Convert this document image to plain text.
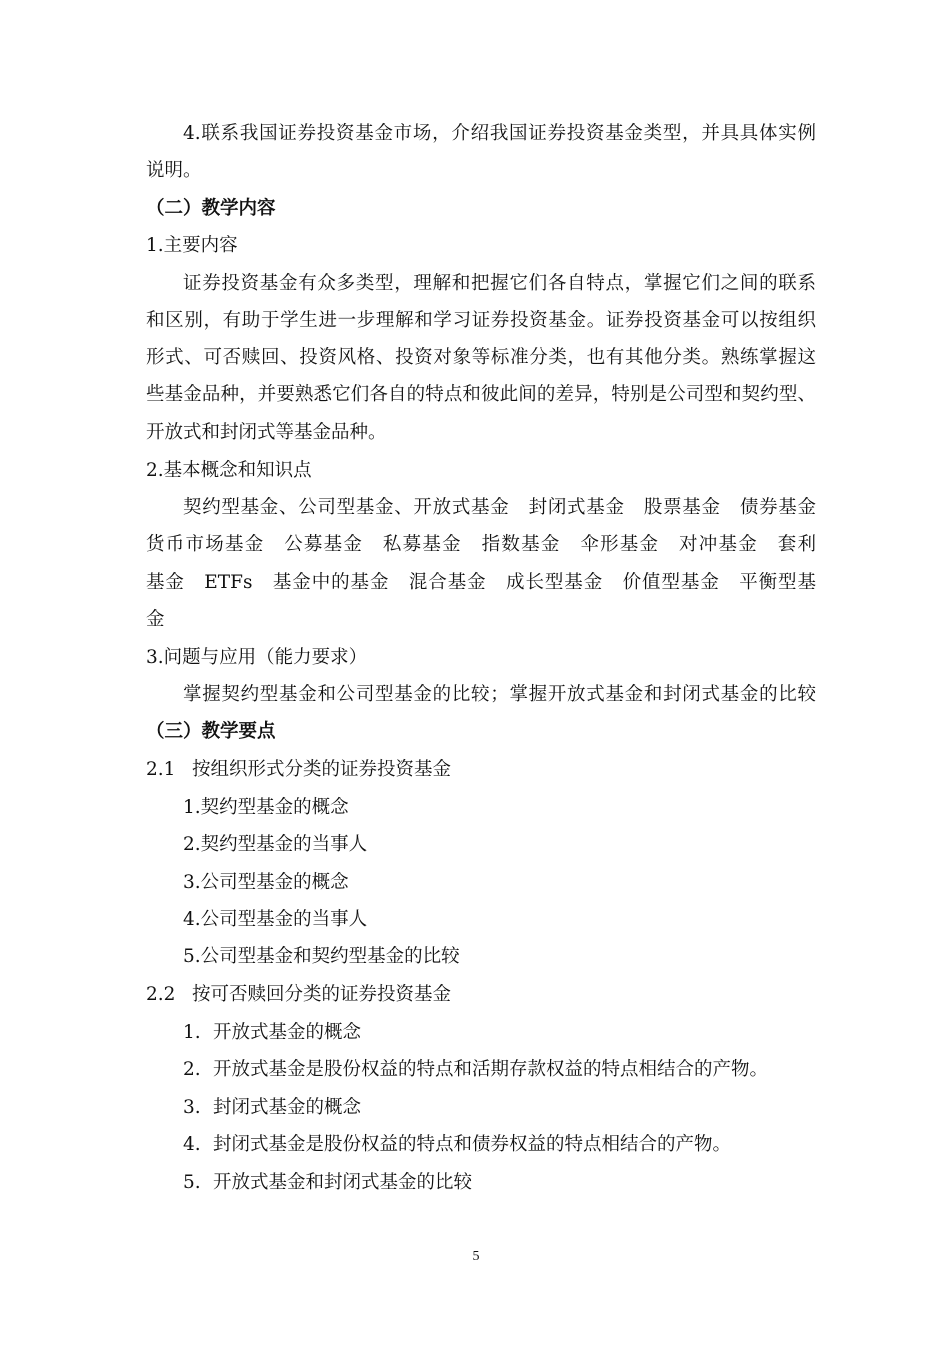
4.联系我国证券投资基金市场，介绍我国证券投资基金类型，并具具体实例
说明。
（二）教学内容
1.主要内容
证券投资基金有众多类型，理解和把握它们各自特点，掌握它们之间的联系
和区别，有助于学生进一步理解和学习证券投资基金。证券投资基金可以按组织
形式、可否赎回、投资风格、投资对象等标准分类，也有其他分类。熟练掌握这
些基金品种，并要熟悉它们各自的特点和彼此间的差异，特别是公司型和契约型、
开放式和封闭式等基金品种。
2.基本概念和知识点
契约型基金、公司型基金、开放式基金　封闭式基金　股票基金　债券基金
货币市场基金　公募基金　私募基金　指数基金　伞形基金　对冲基金　套利
基金　ETFs　基金中的基金　混合基金　成长型基金　价值型基金　平衡型基
金
3.问题与应用（能力要求）
掌握契约型基金和公司型基金的比较；掌握开放式基金和封闭式基金的比较
（三）教学要点
2.1 按组织形式分类的证券投资基金
1.契约型基金的概念
2.契约型基金的当事人
3.公司型基金的概念
4.公司型基金的当事人
5.公司型基金和契约型基金的比较
2.2 按可否赎回分类的证券投资基金
1. 开放式基金的概念
2. 开放式基金是股份权益的特点和活期存款权益的特点相结合的产物。
3. 封闭式基金的概念
4. 封闭式基金是股份权益的特点和债券权益的特点相结合的产物。
5. 开放式基金和封闭式基金的比较
5
